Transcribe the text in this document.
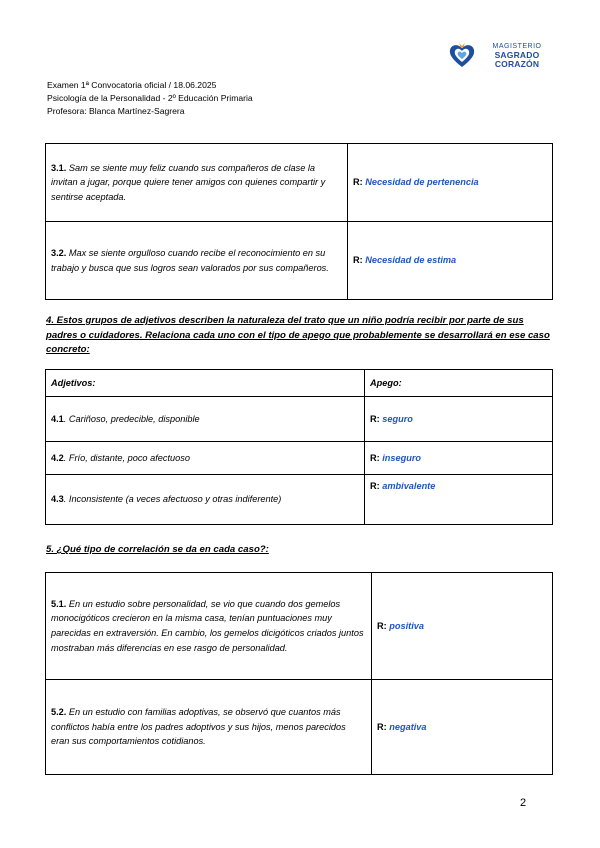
MAGISTERIO
SAGRADO
CORAZÓN
Examen 1ª Convocatoria oficial / 18.06.2025
Psicología de la Personalidad - 2º Educación Primaria
Profesora: Blanca Martínez-Sagrera
3.1. Sam se siente muy feliz cuando sus compañeros de clase la invitan a jugar, porque quiere tener amigos con quienes compartir y sentirse aceptada.	R: Necesidad de pertenencia
3.2. Max se siente orgulloso cuando recibe el reconocimiento en su trabajo y busca que sus logros sean valorados por sus compañeros.	R: Necesidad de estima
4. Estos grupos de adjetivos describen la naturaleza del trato que un niño podría recibir por parte de sus padres o cuidadores. Relaciona cada uno con el tipo de apego que probablemente se desarrollará en ese caso concreto:
Adjetivos:	Apego:
4.1. Cariñoso, predecible, disponible	R: seguro
4.2. Frío, distante, poco afectuoso	R: inseguro
4.3. Inconsistente (a veces afectuoso y otras indiferente)	R: ambivalente
5. ¿Qué tipo de correlación se da en cada caso?:
5.1. En un estudio sobre personalidad, se vio que cuando dos gemelos monocigóticos crecieron en la misma casa, tenían puntuaciones muy parecidas en extraversión. En cambio, los gemelos dicigóticos criados juntos mostraban más diferencias en ese rasgo de personalidad.	R: positiva
5.2. En un estudio con familias adoptivas, se observó que cuantos más conflictos había entre los padres adoptivos y sus hijos, menos parecidos eran sus comportamientos cotidianos.	R: negativa
2
